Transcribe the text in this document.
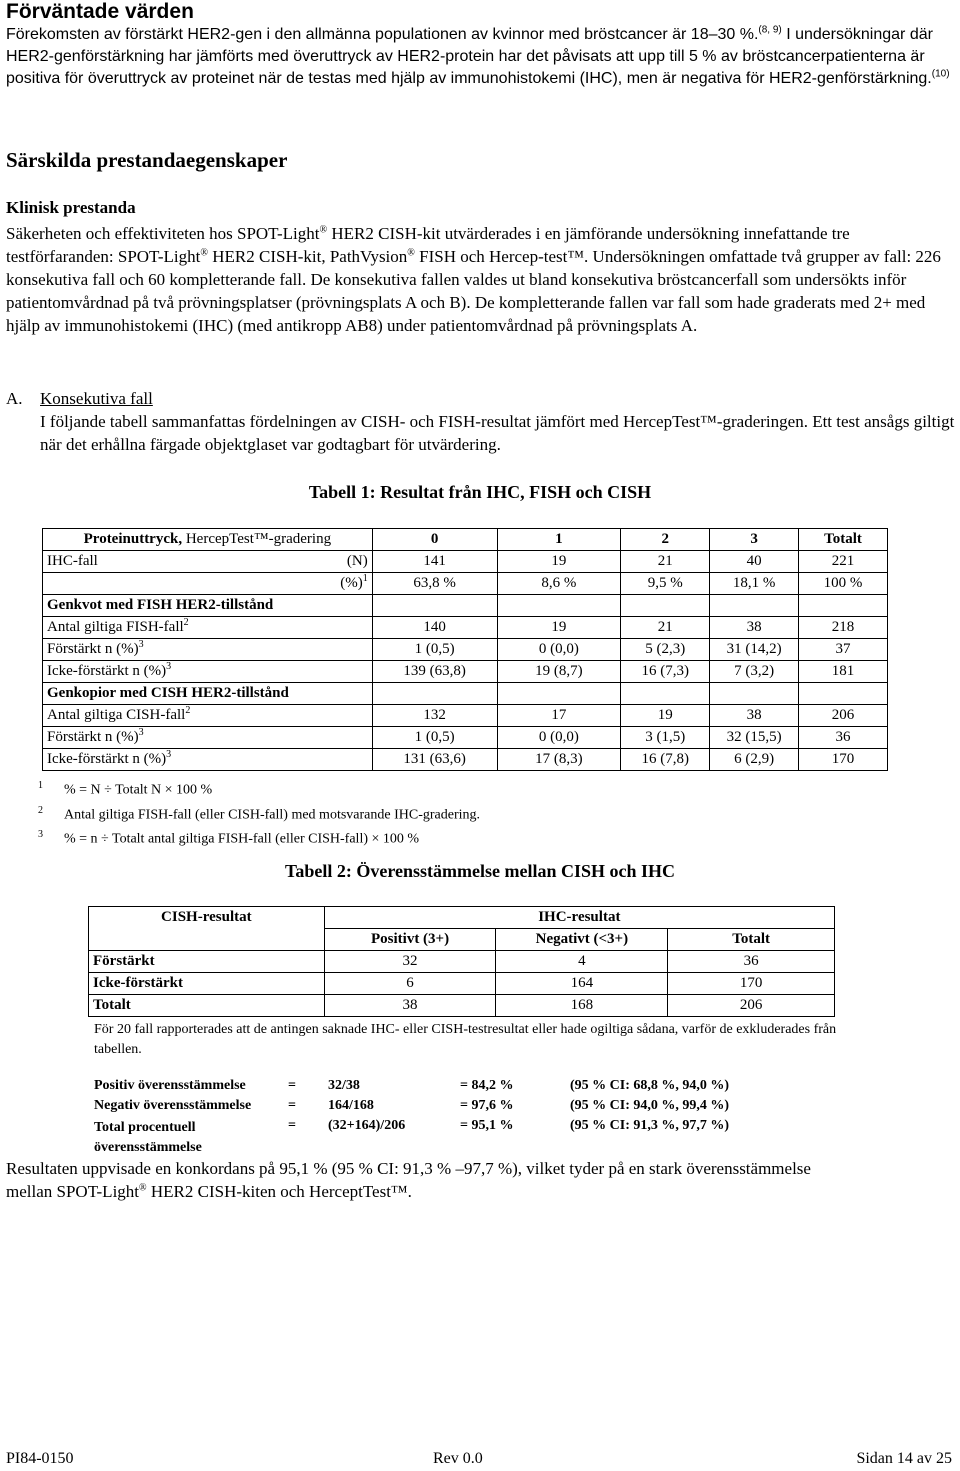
Förväntade värden
Förekomsten av förstärkt HER2-gen i den allmänna populationen av kvinnor med bröstcancer är 18–30 %.$^{(8, 9)}$ I undersökningar där HER2-genförstärkning har jämförts med överuttryck av HER2-protein har det påvisats att upp till 5 % av bröstcancerpatienterna är positiva för överuttryck av proteinet när de testas med hjälp av immunohistokemi (IHC), men är negativa för HER2-genförstärkning.$^{(10)}$
Särskilda prestandaegenskaper
Klinisk prestanda
Säkerheten och effektiviteten hos SPOT-Light® HER2 CISH-kit utvärderades i en jämförande undersökning innefattande tre testförfaranden: SPOT-Light® HER2 CISH-kit, PathVysion® FISH och Hercep-test™. Undersökningen omfattade två grupper av fall: 226 konsekutiva fall och 60 kompletterande fall. De konsekutiva fallen valdes ut bland konsekutiva bröstcancerfall som undersökts inför patientomvårdnad på två prövningsplatser (prövningsplats A och B). De kompletterande fallen var fall som hade graderats med 2+ med hjälp av immunohistokemi (IHC) (med antikropp AB8) under patientomvårdnad på prövningsplats A.
A. Konsekutiva fall
I följande tabell sammanfattas fördelningen av CISH- och FISH-resultat jämfört med HercepTest™-graderingen. Ett test ansågs giltigt när det erhållna färgade objektglaset var godtagbart för utvärdering.
Tabell 1: Resultat från IHC, FISH och CISH
Proteinuttryck, HercepTest™-gradering	0	1	2	3	Totalt
IHC-fall (N)	141	19	21	40	221
(%)$^1$	63,8 %	8,6 %	9,5 %	18,1 %	100 %
Genkvot med FISH HER2-tillstånd					
Antal giltiga FISH-fall$^2$	140	19	21	38	218
Förstärkt n (%)$^3$	1 (0,5)	0 (0,0)	5 (2,3)	31 (14,2)	37
Icke-förstärkt n (%)$^3$	139 (63,8)	19 (8,7)	16 (7,3)	7 (3,2)	181
Genkopior med CISH HER2-tillstånd					
Antal giltiga CISH-fall$^2$	132	17	19	38	206
Förstärkt n (%)$^3$	1 (0,5)	0 (0,0)	3 (1,5)	32 (15,5)	36
Icke-förstärkt n (%)$^3$	131 (63,6)	17 (8,3)	16 (7,8)	6 (2,9)	170
1 % = N ÷ Totalt N × 100 %
2 Antal giltiga FISH-fall (eller CISH-fall) med motsvarande IHC-gradering.
3 % = n ÷ Totalt antal giltiga FISH-fall (eller CISH-fall) × 100 %
Tabell 2: Överensstämmelse mellan CISH och IHC
CISH-resultat	IHC-resultat		
	Positivt (3+)	Negativt (<3+)	Totalt
Förstärkt	32	4	36
Icke-förstärkt	6	164	170
Totalt	38	168	206
För 20 fall rapporterades att de antingen saknade IHC- eller CISH-testresultat eller hade ogiltiga sådana, varför de exkluderades från tabellen.
Positiv överensstämmelse	=	32/38	= 84,2 %	(95 % CI: 68,8 %, 94,0 %)
Negativ överensstämmelse	=	164/168	= 97,6 %	(95 % CI: 94,0 %, 99,4 %)
Total procentuell överensstämmelse	=	(32+164)/206	= 95,1 %	(95 % CI: 91,3 %, 97,7 %)
Resultaten uppvisade en konkordans på 95,1 % (95 % CI: 91,3 % –97,7 %), vilket tyder på en stark överensstämmelse mellan SPOT-Light® HER2 CISH-kiten och HerceptTest™.
PI84-0150	Rev 0.0	Sidan 14 av 25
